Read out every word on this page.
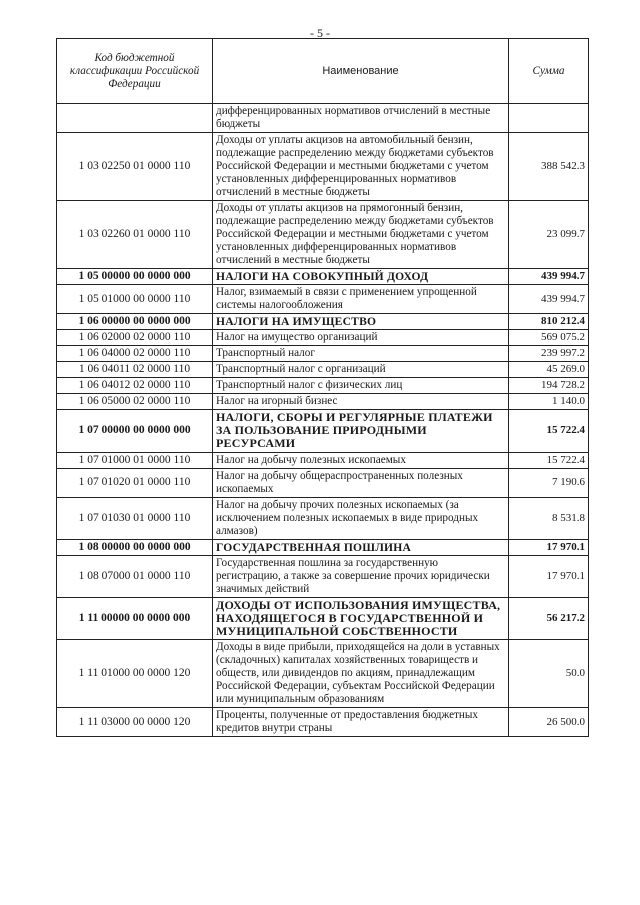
- 5 -
Код бюджетной классификации Российской Федерации	Наименование	Сумма
	дифференцированных нормативов отчислений в местные бюджеты	
1 03 02250 01 0000 110	Доходы от уплаты акцизов на автомобильный бензин, подлежащие распределению между бюджетами субъектов Российской Федерации и местными бюджетами с учетом установленных дифференцированных нормативов отчислений в местные бюджеты	388 542.3
1 03 02260 01 0000 110	Доходы от уплаты акцизов на прямогонный бензин, подлежащие распределению между бюджетами субъектов Российской Федерации и местными бюджетами с учетом установленных дифференцированных нормативов отчислений в местные бюджеты	23 099.7
1 05 00000 00 0000 000	НАЛОГИ НА СОВОКУПНЫЙ ДОХОД	439 994.7
1 05 01000 00 0000 110	Налог, взимаемый в связи с применением упрощенной системы налогообложения	439 994.7
1 06 00000 00 0000 000	НАЛОГИ НА ИМУЩЕСТВО	810 212.4
1 06 02000 02 0000 110	Налог на имущество организаций	569 075.2
1 06 04000 02 0000 110	Транспортный налог	239 997.2
1 06 04011 02 0000 110	Транспортный налог с организаций	45 269.0
1 06 04012 02 0000 110	Транспортный налог с физических лиц	194 728.2
1 06 05000 02 0000 110	Налог на игорный бизнес	1 140.0
1 07 00000 00 0000 000	НАЛОГИ, СБОРЫ И РЕГУЛЯРНЫЕ ПЛАТЕЖИ ЗА ПОЛЬЗОВАНИЕ ПРИРОДНЫМИ РЕСУРСАМИ	15 722.4
1 07 01000 01 0000 110	Налог на добычу полезных ископаемых	15 722.4
1 07 01020 01 0000 110	Налог на добычу общераспространенных полезных ископаемых	7 190.6
1 07 01030 01 0000 110	Налог на добычу прочих полезных ископаемых (за исключением полезных ископаемых в виде природных алмазов)	8 531.8
1 08 00000 00 0000 000	ГОСУДАРСТВЕННАЯ ПОШЛИНА	17 970.1
1 08 07000 01 0000 110	Государственная пошлина за государственную регистрацию, а также за совершение прочих юридически значимых действий	17 970.1
1 11 00000 00 0000 000	ДОХОДЫ ОТ ИСПОЛЬЗОВАНИЯ ИМУЩЕСТВА, НАХОДЯЩЕГОСЯ В ГОСУДАРСТВЕННОЙ И МУНИЦИПАЛЬНОЙ СОБСТВЕННОСТИ	56 217.2
1 11 01000 00 0000 120	Доходы в виде прибыли, приходящейся на доли в уставных (складочных) капиталах хозяйственных товариществ и обществ, или дивидендов по акциям, принадлежащим Российской Федерации, субъектам Российской Федерации или муниципальным образованиям	50.0
1 11 03000 00 0000 120	Проценты, полученные от предоставления бюджетных кредитов внутри страны	26 500.0
